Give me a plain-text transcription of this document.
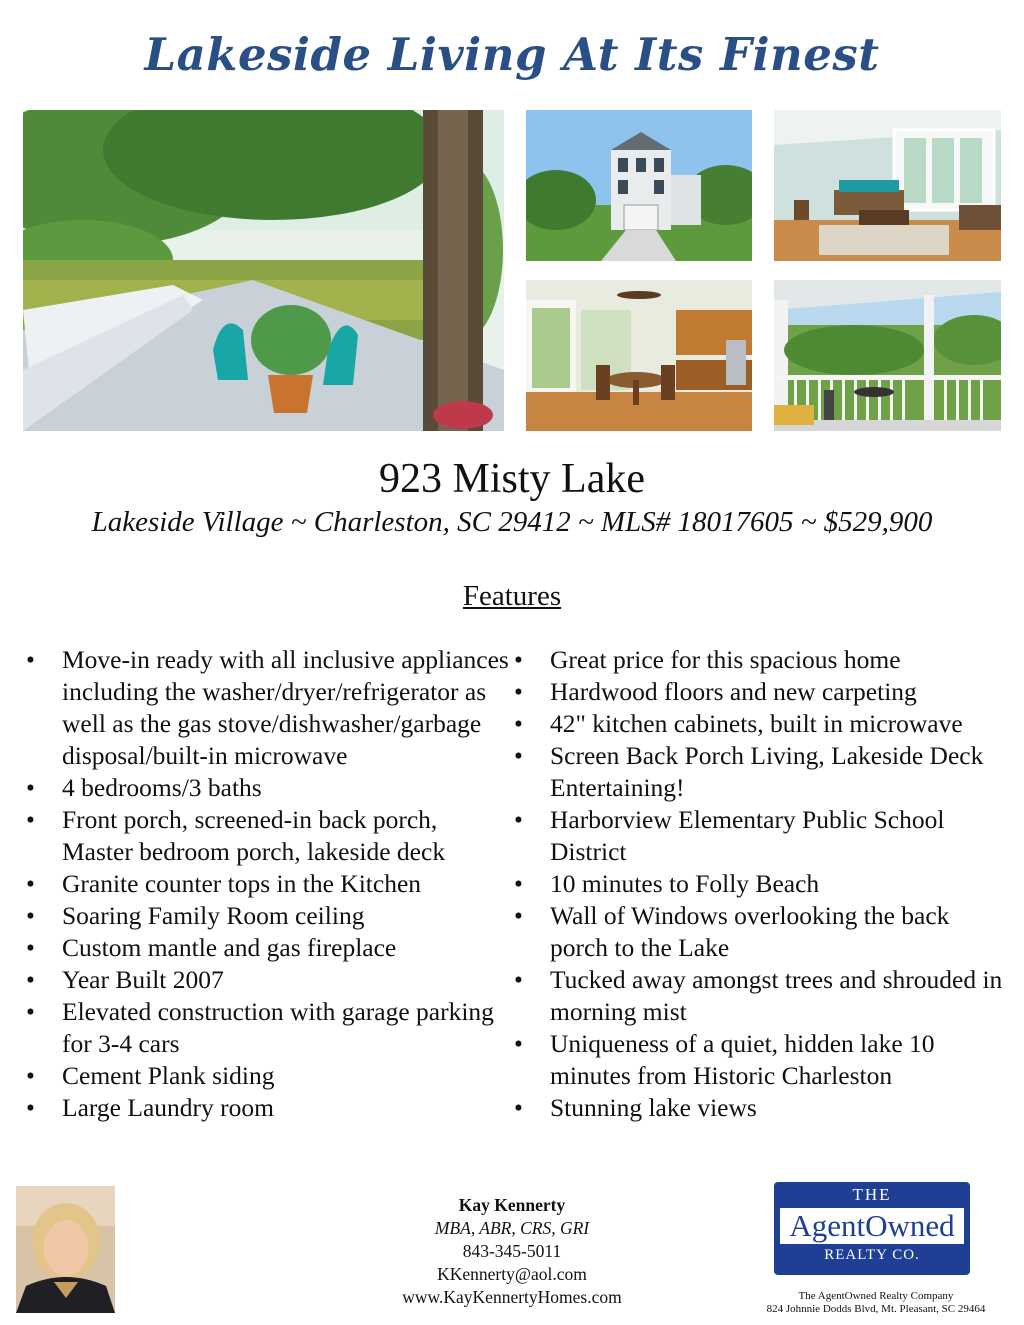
Lakeside Living At Its Finest
923 Misty Lake
Lakeside Village ~ Charleston, SC 29412 ~ MLS# 18017605 ~ $529,900
Features
• Move-in ready with all inclusive appliances including the washer/dryer/refrigerator as well as the gas stove/dishwasher/garbage disposal/built-in microwave
• 4 bedrooms/3 baths
• Front porch, screened-in back porch, Master bedroom porch, lakeside deck
• Granite counter tops in the Kitchen
• Soaring Family Room ceiling
• Custom mantle and gas fireplace
• Year Built 2007
• Elevated construction with garage parking for 3-4 cars
• Cement Plank siding
• Large Laundry room
• Great price for this spacious home
• Hardwood floors and new carpeting
• 42" kitchen cabinets, built in microwave
• Screen Back Porch Living, Lakeside Deck Entertaining!
• Harborview Elementary Public School District
• 10 minutes to Folly Beach
• Wall of Windows overlooking the back porch to the Lake
• Tucked away amongst trees and shrouded in morning mist
• Uniqueness of a quiet, hidden lake 10 minutes from Historic Charleston
• Stunning lake views
Kay Kennerty
MBA, ABR, CRS, GRI
843-345-5011
KKennerty@aol.com
www.KayKennertyHomes.com
THE
AgentOwned
REALTY CO.
The AgentOwned Realty Company
824 Johnnie Dodds Blvd, Mt. Pleasant, SC 29464
